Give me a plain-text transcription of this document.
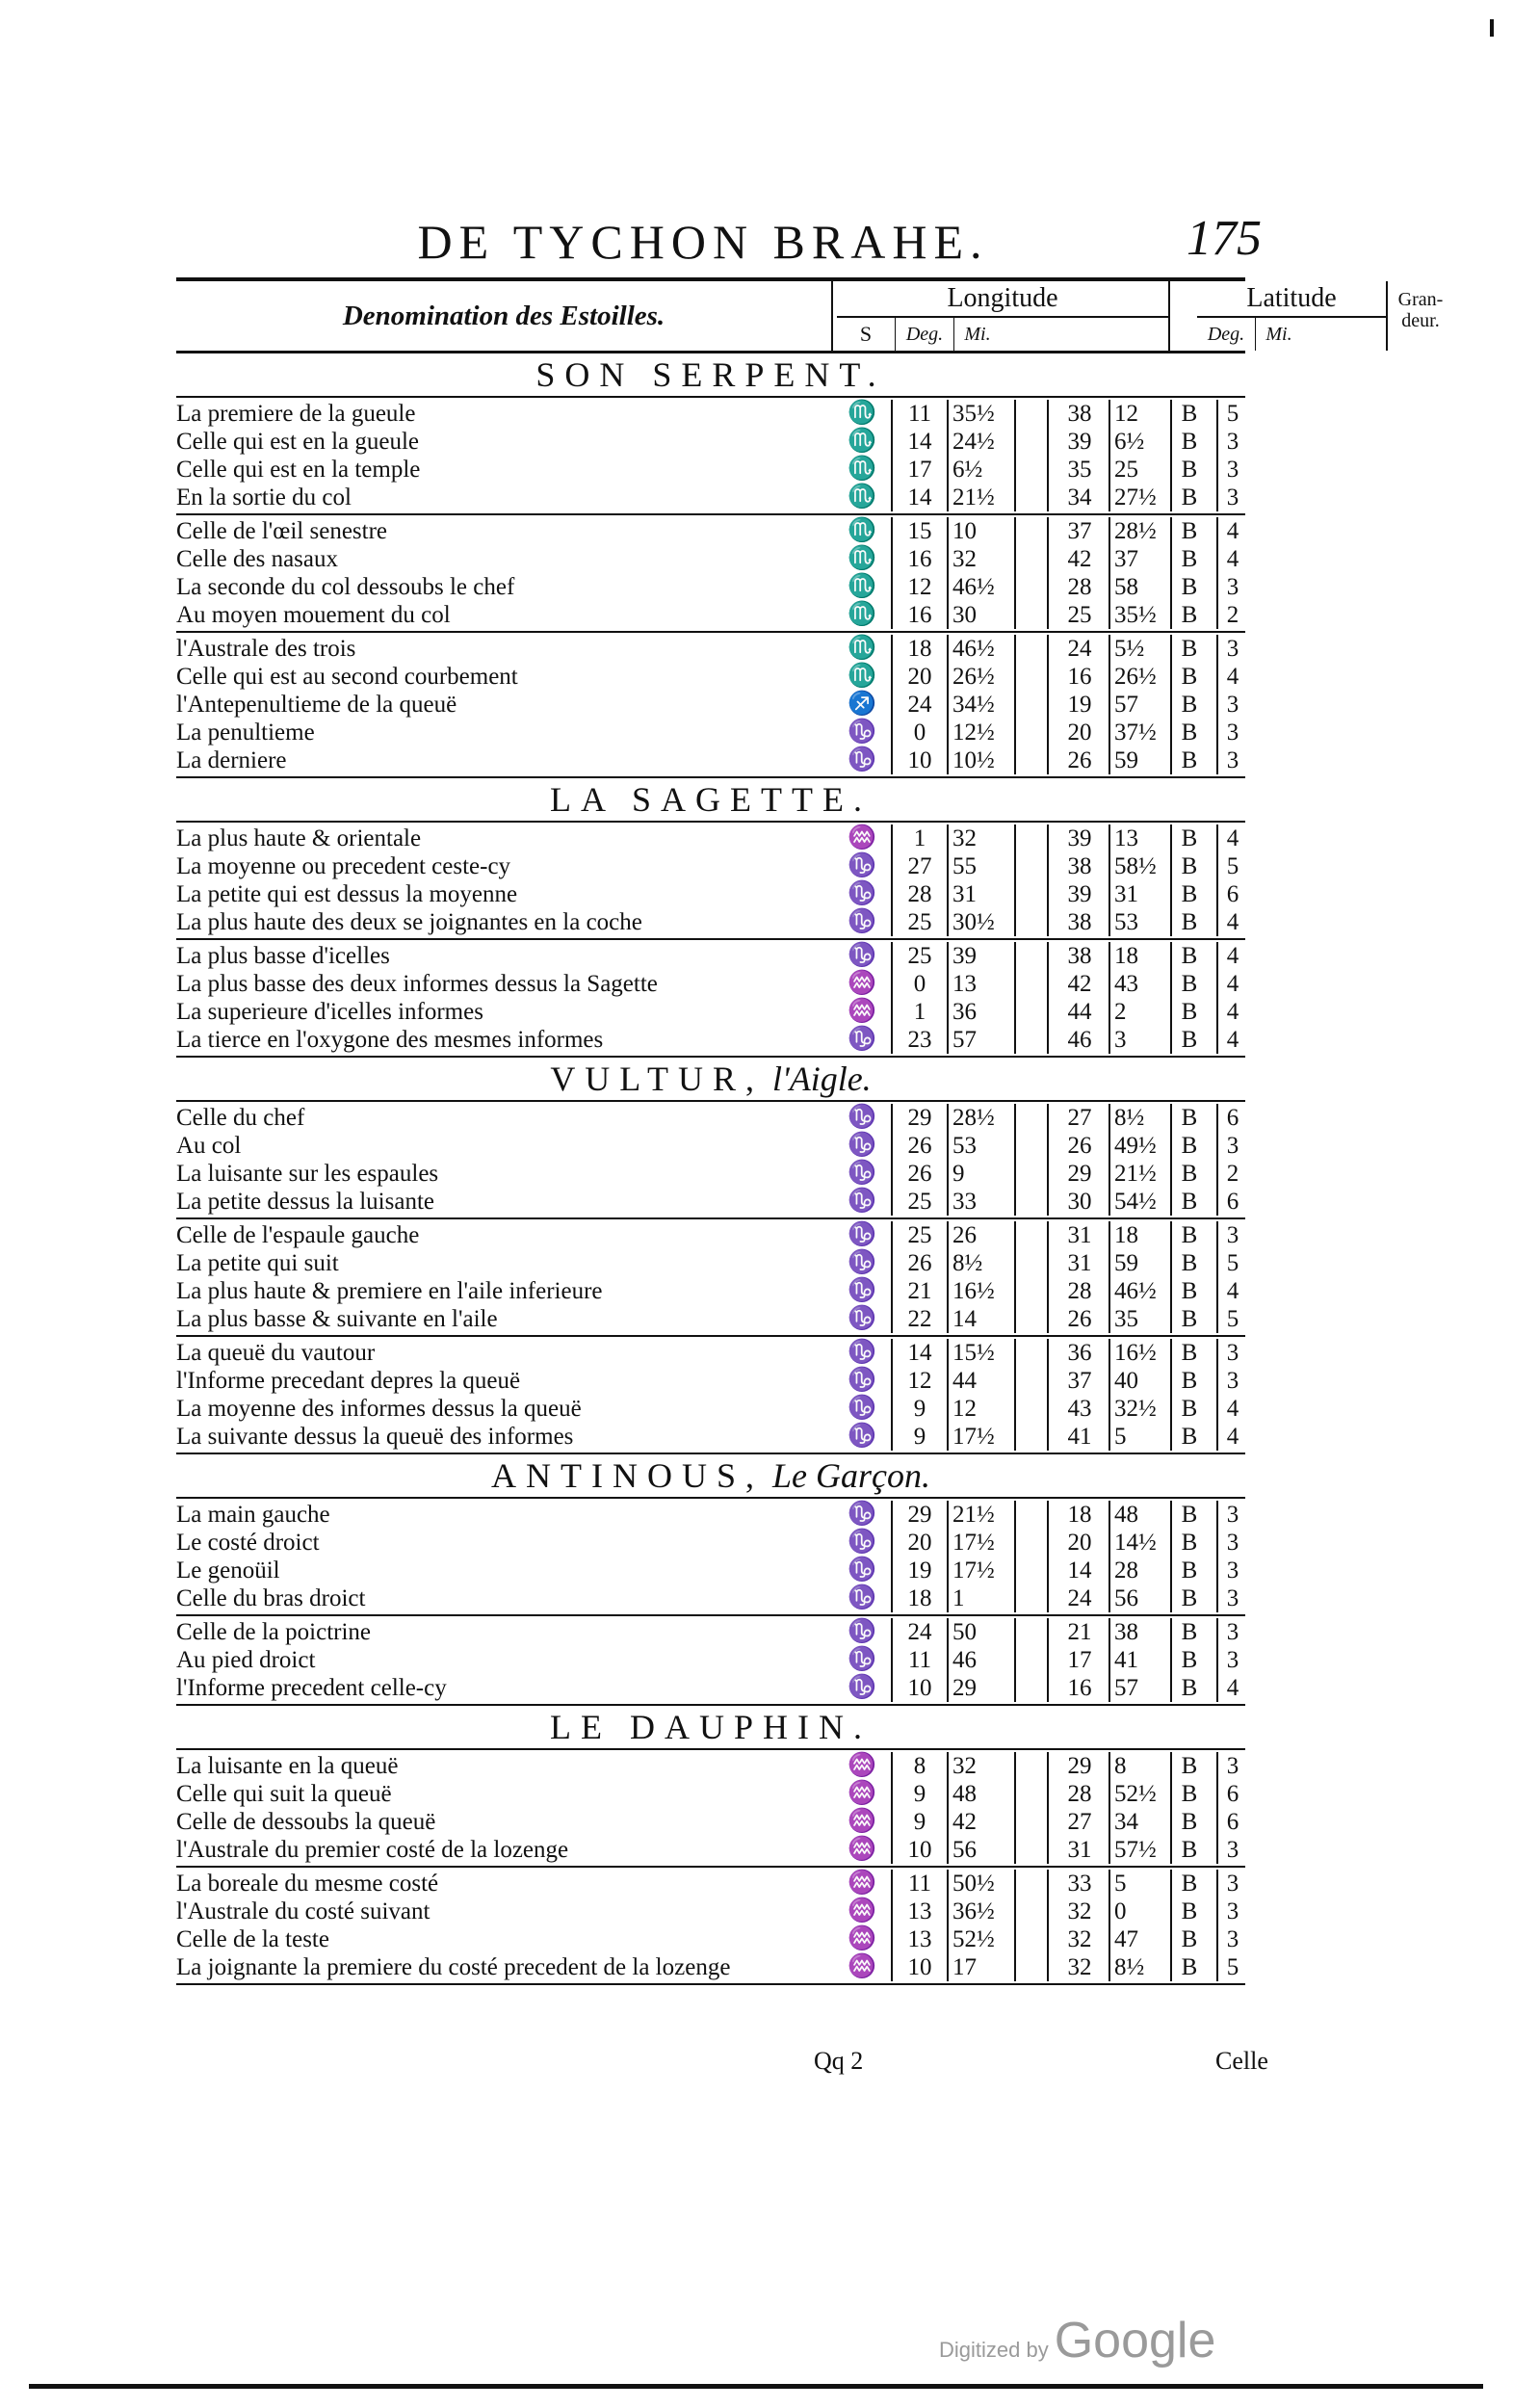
DE TYCHON BRAHE.	175
Denomination des Estoilles.
Longitude
S	Deg.	Mi.
Latitude
Deg.	Mi.
Gran-deur.
SON SERPENT.
La premiere de la gueule	♏	11 35½	38 12	B	5
Celle qui est en la gueule	♏	14 24½	39 6½	B	3
Celle qui est en la temple	♏	17 6½	35 25	B	3
En la sortie du col	♏	14 21½	34 27½	B	3
Celle de l'œil senestre	♏	15 10	37 28½	B	4
Celle des nasaux	♏	16 32	42 37	B	4
La seconde du col dessoubs le chef	♏	12 46½	28 58	B	3
Au moyen mouement du col	♏	16 30	25 35½	B	2
l'Australe des trois	♏	18 46½	24 5½	B	3
Celle qui est au second courbement	♏	20 26½	16 26½	B	4
l'Antepenultieme de la queuë	♐	24 34½	19 57	B	3
La penultieme	♑	0	12½	20 37½	B	3
La derniere	♑	10 10½	26 59	B	3
LA SAGETTE.
La plus haute & orientale	♒	1	32	39 13	B	4
La moyenne ou precedent ceste-cy	♑	27 55	38 58½	B	5
La petite qui est dessus la moyenne	♑	28 31	39 31	B	6
La plus haute des deux se joignantes en la coche	♑	25 30½	38 53	B	4
La plus basse d'icelles	♑	25 39	38 18	B	4
La plus basse des deux informes dessus la Sagette	♒	0	13	42 43	B	4
La superieure d'icelles informes	♒	1	36	44 2	B	4
La tierce en l'oxygone des mesmes informes	♑	23 57	46 3	B	4
VULTUR, l'Aigle.
Celle du chef	♑	29 28½	27 8½	B	6
Au col	♑	26 53	26 49½	B	3
La luisante sur les espaules	♑	26 9	29 21½	B	2
La petite dessus la luisante	♑	25 33	30 54½	B	6
Celle de l'espaule gauche	♑	25 26	31 18	B	3
La petite qui suit	♑	26 8½	31 59	B	5
La plus haute & premiere en l'aile inferieure	♑	21 16½	28 46½	B	4
La plus basse & suivante en l'aile	♑	22 14	26 35	B	5
La queuë du vautour	♑	14 15½	36 16½	B	3
l'Informe precedant depres la queuë	♑	12 44	37 40	B	3
La moyenne des informes dessus la queuë	♑	9	12	43 32½	B	4
La suivante dessus la queuë des informes	♑	9	17½	41 5	B	4
ANTINOUS, Le Garçon.
La main gauche	♑	29 21½	18 48	B	3
Le costé droict	♑	20 17½	20 14½	B	3
Le genoüil	♑	19 17½	14 28	B	3
Celle du bras droict	♑	18 1	24 56	B	3
Celle de la poictrine	♑	24 50	21 38	B	3
Au pied droict	♑	11 46	17 41	B	3
l'Informe precedent celle-cy	♑	10 29	16 57	B	4
LE DAUPHIN.
La luisante en la queuë	♒	8	32	29 8	B	3
Celle qui suit la queuë	♒	9	48	28 52½	B	6
Celle de dessoubs la queuë	♒	9	42	27 34	B	6
l'Australe du premier costé de la lozenge	♒	10 56	31 57½	B	3
La boreale du mesme costé	♒	11 50½	33 5	B	3
l'Australe du costé suivant	♒	13 36½	32 0	B	3
Celle de la teste	♒	13 52½	32 47	B	3
La joignante la premiere du costé precedent de la lozenge	♒	10 17	32 8½	B	5
Qq 2	Celle
Digitized by Google
